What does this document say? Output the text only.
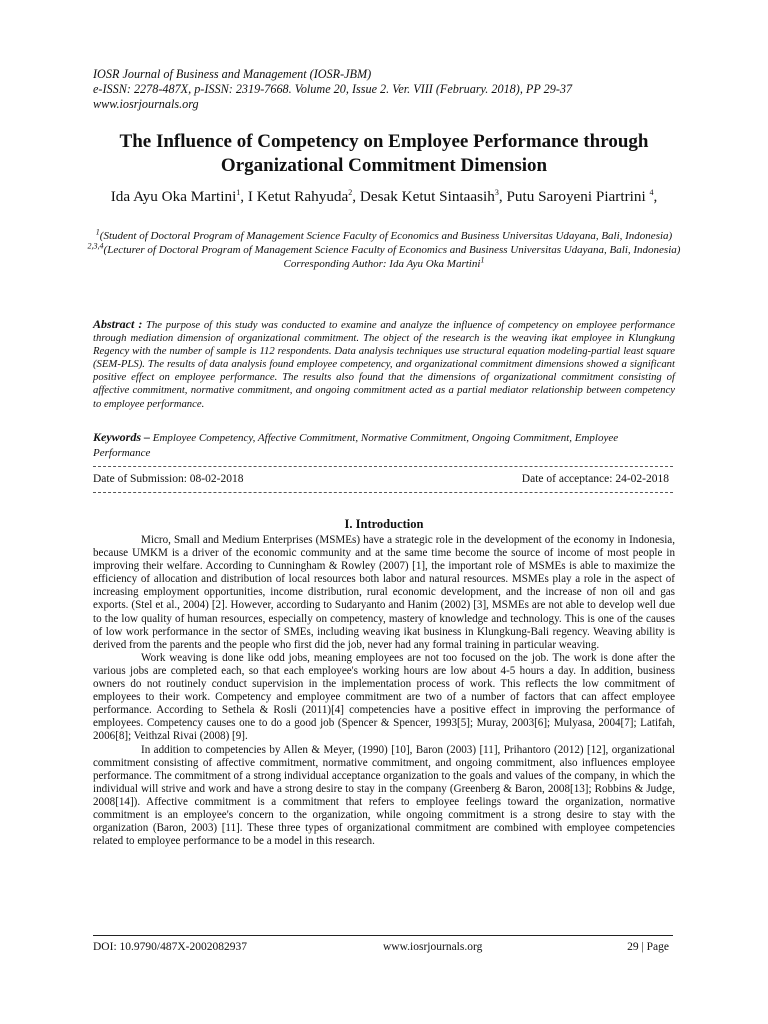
IOSR Journal of Business and Management (IOSR-JBM)
e-ISSN: 2278-487X, p-ISSN: 2319-7668. Volume 20, Issue 2. Ver. VIII (February. 2018), PP 29-37
www.iosrjournals.org
The Influence of Competency on Employee Performance through
Organizational Commitment Dimension
Ida Ayu Oka Martini$^1$, I Ketut Rahyuda$^2$, Desak Ketut Sintaasih$^3$, Putu Saroyeni Piartrini $^4$,
$^1$(Student of Doctoral Program of Management Science Faculty of Economics and Business Universitas Udayana, Bali, Indonesia)
$^{2,3,4}$(Lecturer of Doctoral Program of Management Science Faculty of Economics and Business Universitas Udayana, Bali, Indonesia)
Corresponding Author: Ida Ayu Oka Martini$^1$
Abstract : The purpose of this study was conducted to examine and analyze the influence of competency on employee performance through mediation dimension of organizational commitment. The object of the research is the weaving ikat employee in Klungkung Regency with the number of sample is 112 respondents. Data analysis techniques use structural equation modeling-partial least square (SEM-PLS). The results of data analysis found employee competency, and organizational commitment dimensions showed a significant positive effect on employee performance. The results also found that the dimensions of organizational commitment consisting of affective commitment, normative commitment, and ongoing commitment acted as a partial mediator relationship between competency to employee performance.
Keywords – Employee Competency, Affective Commitment, Normative Commitment, Ongoing Commitment, Employee Performance
Date of Submission: 08-02-2018	Date of acceptance: 24-02-2018
I. Introduction

Micro, Small and Medium Enterprises (MSMEs) have a strategic role in the development of the economy in Indonesia, because UMKM is a driver of the economic community and at the same time become the source of income of most people in improving their welfare. According to Cunningham & Rowley (2007) [1], the important role of MSMEs is able to maximize the efficiency of allocation and distribution of local resources both labor and natural resources. MSMEs play a role in the aspect of increasing employment opportunities, income distribution, rural economic development, and the increase of non oil and gas exports. (Stel et al., 2004) [2]. However, according to Sudaryanto and Hanim (2002) [3], MSMEs are not able to develop well due to the low quality of human resources, especially on competency, mastery of knowledge and technology. This is one of the causes of low work performance in the sector of SMEs, including weaving ikat business in Klungkung-Bali regency. Weaving ability is derived from the parents and the people who first did the job, never had any formal training in particular weaving.

Work weaving is done like odd jobs, meaning employees are not too focused on the job. The work is done after the various jobs are completed each, so that each employee's working hours are low about 4-5 hours a day. In addition, business owners do not routinely conduct supervision in the implementation process of work. This reflects the low commitment of employees to their work. Competency and employee commitment are two of a number of factors that can affect employee performance. According to Sethela & Rosli (2011)[4] competencies have a positive effect in improving the performance of employees. Competency causes one to do a good job (Spencer & Spencer, 1993[5]; Muray, 2003[6]; Mulyasa, 2004[7]; Latifah, 2006[8]; Veithzal Rivai (2008) [9].

In addition to competencies by Allen & Meyer, (1990) [10], Baron (2003) [11], Prihantoro (2012) [12], organizational commitment consisting of affective commitment, normative commitment, and ongoing commitment, also influences employee performance. The commitment of a strong individual acceptance organization to the goals and values of the company, in which the individual will strive and work and have a strong desire to stay in the company (Greenberg & Baron, 2008[13]; Robbins & Judge, 2008[14]). Affective commitment is a commitment that refers to employee feelings toward the organization, normative commitment is an employee's concern to the organization, while ongoing commitment is a strong desire to stay with the organization (Baron, 2003) [11]. These three types of organizational commitment are combined with employee competencies related to employee performance to be a model in this research.

DOI: 10.9790/487X-2002082937	www.iosrjournals.org	29 | Page
